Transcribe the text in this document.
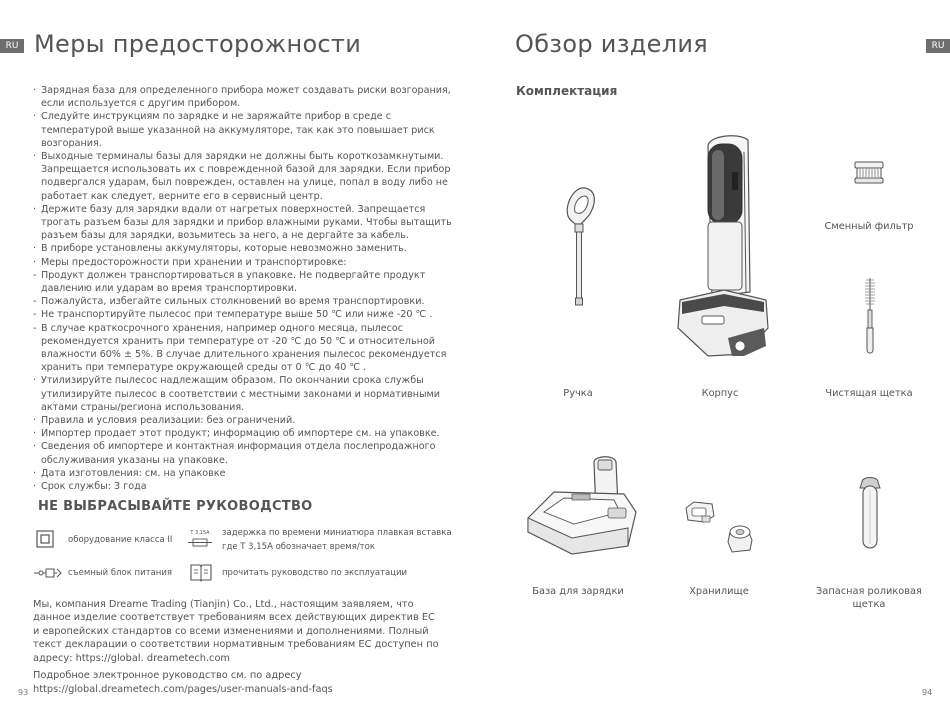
RU Меры предосторожности
· Зарядная база для определенного прибора может создавать риски возгорания, если используется с другим прибором.
· Следуйте инструкциям по зарядке и не заряжайте прибор в среде с температурой выше указанной на аккумуляторе, так как это повышает риск возгорания.
· Выходные терминалы базы для зарядки не должны быть короткозамкнутыми. Запрещается использовать их с поврежденной базой для зарядки. Если прибор подвергался ударам, был поврежден, оставлен на улице, попал в воду либо не работает как следует, верните его в сервисный центр.
· Держите базу для зарядки вдали от нагретых поверхностей. Запрещается трогать разъем базы для зарядки и прибор влажными руками. Чтобы вытащить разъем базы для зарядки, возьмитесь за него, а не дергайте за кабель.
· В приборе установлены аккумуляторы, которые невозможно заменить.
· Меры предосторожности при хранении и транспортировке:
- Продукт должен транспортироваться в упаковке. Не подвергайте продукт давлению или ударам во время транспортировки.
- Пожалуйста, избегайте сильных столкновений во время транспортировки.
- Не транспортируйте пылесос при температуре выше 50 ℃ или ниже -20 ℃ .
- В случае краткосрочного хранения, например одного месяца, пылесос рекомендуется хранить при температуре от -20 ℃ до 50 ℃ и относительной влажности 60% ± 5%. В случае длительного хранения пылесос рекомендуется хранить при температуре окружающей среды от 0 ℃ до 40 ℃ .
· Утилизируйте пылесос надлежащим образом. По окончании срока службы утилизируйте пылесос в соответствии с местными законами и нормативными актами страны/региона использования.
· Правила и условия реализации: без ограничений.
· Импортер продает этот продукт; информацию об импортере см. на упаковке.
· Сведения об импортере и контактная информация отдела послепродажного обслуживания указаны на упаковке.
· Дата изготовления: см. на упаковке
· Срок службы: 3 года
НЕ ВЫБРАСЫВАЙТЕ РУКОВОДСТВО
оборудование класса II
T 3,15A задержка по времени миниатюра плавкая вставка
где T 3,15A обозначает время/ток
съемный блок питания	прочитать руководство по эксплуатации

Мы, компания Dreame Trading (Tianjin) Co., Ltd., настоящим заявляем, что данное изделие соответствует требованиям всех действующих директив ЕС и европейских стандартов со всеми изменениями и дополнениями. Полный текст декларации о соответствии нормативным требованиям ЕС доступен по адресу: https://global. dreametech.com

Подробное электронное руководство см. по адресу

https://global.dreametech.com/pages/user-manuals-and-faqs

93
Обзор изделия	RU
Комплектация
Сменный фильтр
Ручка	Корпус	Чистящая щетка
База для зарядки	Хранилище	Запасная роликовая
щетка
94
